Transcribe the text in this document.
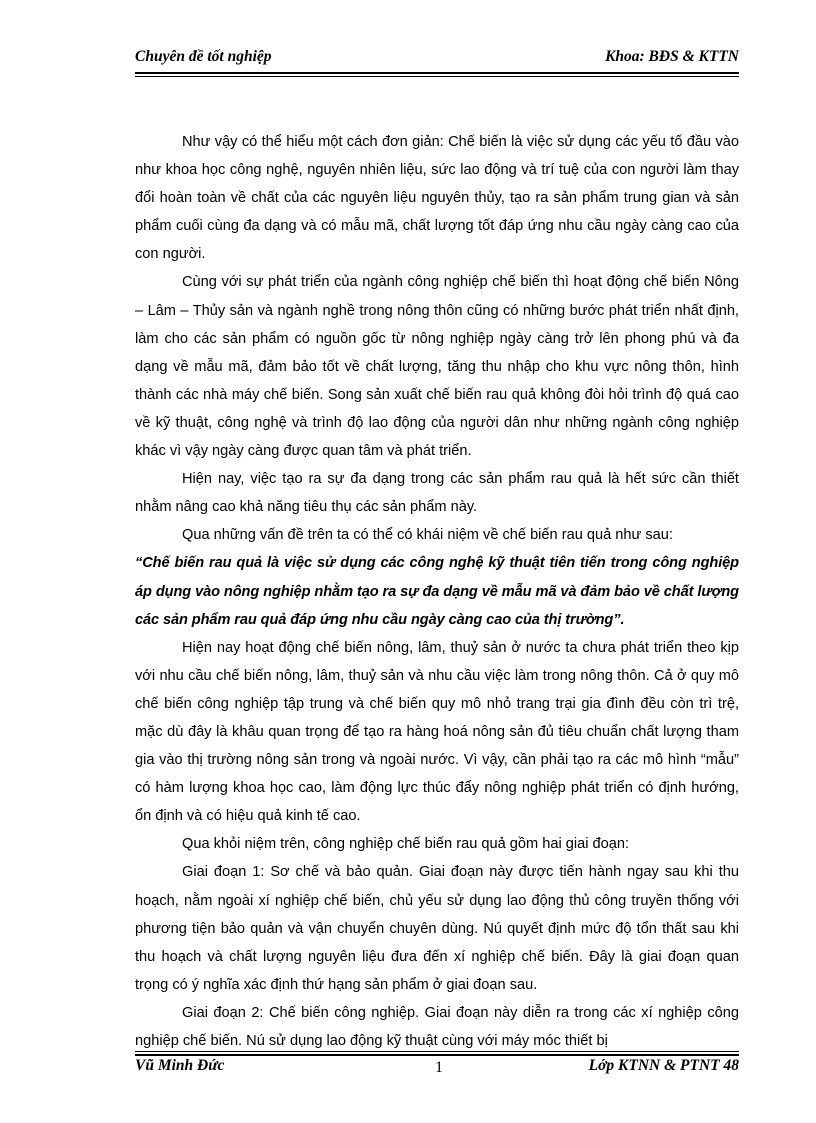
Chuyên đề tốt nghiệp	Khoa: BĐS & KTTN

Như vậy có thể hiểu một cách đơn giản: Chế biến là việc sử dụng các yếu tố đầu vào như khoa học công nghệ, nguyên nhiên liệu, sức lao động và trí tuệ của con người làm thay đổi hoàn toàn về chất của các nguyên liệu nguyên thủy, tạo ra sản phẩm trung gian và sản phẩm cuối cùng đa dạng và có mẫu mã, chất lượng tốt đáp ứng nhu cầu ngày càng cao của con người.

Cùng với sự phát triển của ngành công nghiệp chế biến thì hoạt động chế biến Nông – Lâm – Thủy sản và ngành nghề trong nông thôn cũng có những bước phát triển nhất định, làm cho các sản phẩm có nguồn gốc từ nông nghiệp ngày càng trở lên phong phú và đa dạng về mẫu mã, đảm bảo tốt về chất lượng, tăng thu nhập cho khu vực nông thôn, hình thành các nhà máy chế biến. Song sản xuất chế biến rau quả không đòi hỏi trình độ quá cao về kỹ thuật, công nghệ và trình độ lao động của người dân như những ngành công nghiệp khác vì vậy ngày càng được quan tâm và phát triển.

Hiện nay, việc tạo ra sự đa dạng trong các sản phẩm rau quả là hết sức cần thiết nhằm nâng cao khả năng tiêu thụ các sản phẩm này.

Qua những vấn đề trên ta có thể có khái niệm về chế biến rau quả như sau:

“Chế biến rau quả là việc sử dụng các công nghệ kỹ thuật tiên tiến trong công nghiệp áp dụng vào nông nghiệp nhằm tạo ra sự đa dạng về mẫu mã và đảm bảo về chất lượng các sản phẩm rau quả đáp ứng nhu cầu ngày càng cao của thị trường”.

Hiện nay hoạt động chế biến nông, lâm, thuỷ sản ở nước ta chưa phát triển theo kịp với nhu cầu chế biến nông, lâm, thuỷ sản và nhu cầu việc làm trong nông thôn. Cả ở quy mô chế biến công nghiệp tập trung và chế biến quy mô nhỏ trang trại gia đình đều còn trì trệ, mặc dù đây là khâu quan trọng để tạo ra hàng hoá nông sản đủ tiêu chuẩn chất lượng tham gia vào thị trường nông sản trong và ngoài nước. Vì vậy, cần phải tạo ra các mô hình “mẫu” có hàm lượng khoa học cao, làm động lực thúc đẩy nông nghiệp phát triển có định hướng, ổn định và có hiệu quả kinh tế cao.

Qua khỏi niệm trên, công nghiệp chế biến rau quả gồm hai giai đoạn:

Giai đoạn 1: Sơ chế và bảo quản. Giai đoạn này được tiến hành ngay sau khi thu hoạch, nằm ngoài xí nghiệp chế biến, chủ yếu sử dụng lao động thủ công truyền thống với phương tiện bảo quản và vận chuyển chuyên dùng. Nú quyết định mức độ tổn thất sau khi thu hoạch và chất lượng nguyên liệu đưa đến xí nghiệp chế biến. Đây là giai đoạn quan trọng có ý nghĩa xác định thứ hạng sản phẩm ở giai đoạn sau.

Giai đoạn 2: Chế biến công nghiệp. Giai đoạn này diễn ra trong các xí nghiệp công nghiệp chế biến. Nú sử dụng lao động kỹ thuật cùng với máy móc thiết bị

Vũ Minh Đức	1	Lớp KTNN & PTNT 48
